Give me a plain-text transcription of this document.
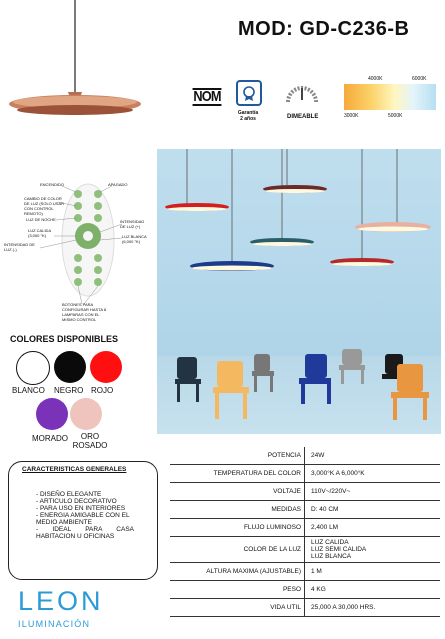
MOD: GD-C236-B
NOM
Garantía
2 años	DIMEABLE
4000K	6000K
3000K	5000K
ENCENDIDO	APAGADO
CAMBIO DE COLOR DE LUZ (SOLO USAR CON CONTROL REMOTO)
LUZ DE NOCHE
LUZ CALIDA (3,000 °K)
INTENSIDAD DE LUZ (-)
INTENSIDAD DE LUZ (+)
LUZ BLANCA (6,000 °K)
BOTONES PARA CONFIGURAR HASTA 8 LAMPARAS CON EL MISMO CONTROL
COLORES DISPONIBLES
BLANCO NEGRO ROJO
MORADO	ORO ROSADO
POTENCIA	24W
TEMPERATURA DEL COLOR	3,000°K A 6,000°K
VOLTAJE	110V~/220V~
MEDIDAS	D: 40 CM
FLUJO LUMINOSO	2,400 LM
COLOR DE LA LUZ	LUZ CALIDA
LUZ SEMI CALIDA
LUZ BLANCA
ALTURA MAXIMA (AJUSTABLE)	1 M
PESO	4 KG
VIDA UTIL	25,000 A 30,000 HRS.
CARACTERISTICAS GENERALES
- DISEÑO ELEGANTE
- ARTICULO DECORATIVO
- PARA USO EN INTERIORES
- ENERGIA AMIGABLE CON EL MEDIO AMBIENTE
- IDEAL PARA CASA HABITACION U OFICINAS
LEON
ILUMINACIÓN
